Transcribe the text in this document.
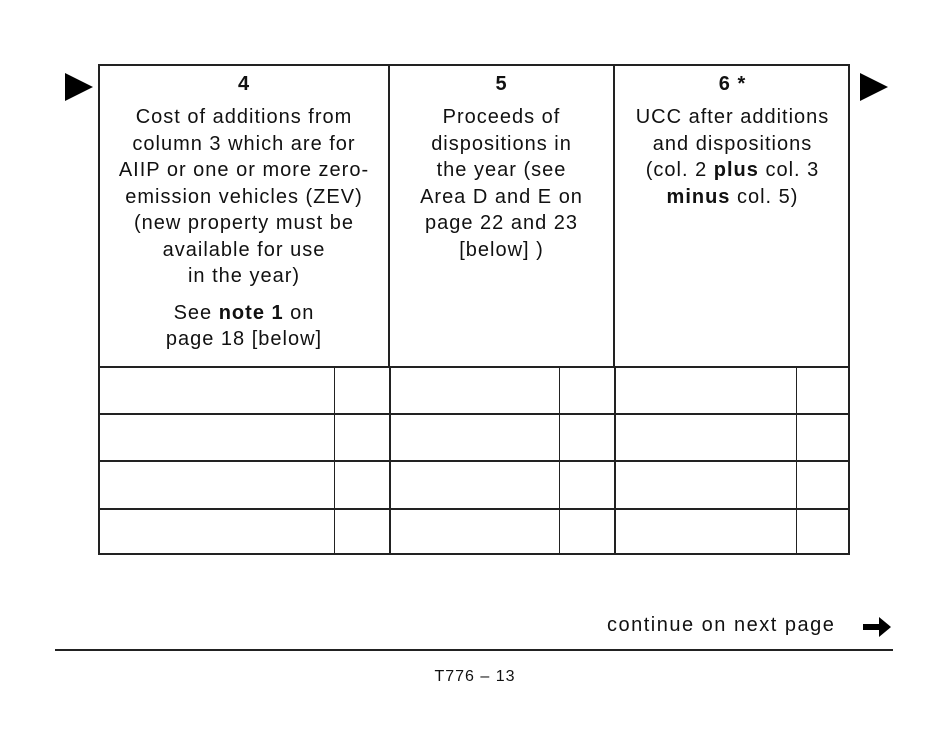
4
Cost of additions from
column 3 which are for
AIIP or one or more zero-
emission vehicles (ZEV)
(new property must be
available for use
in the year)
See note 1 on
page 18 [below]
5
Proceeds of
dispositions in
the year (see
Area D and E on
page 22 and 23
[below] )
6 *
UCC after additions
and dispositions
(col. 2 plus col. 3
minus col. 5)
continue on next page
T776 – 13
